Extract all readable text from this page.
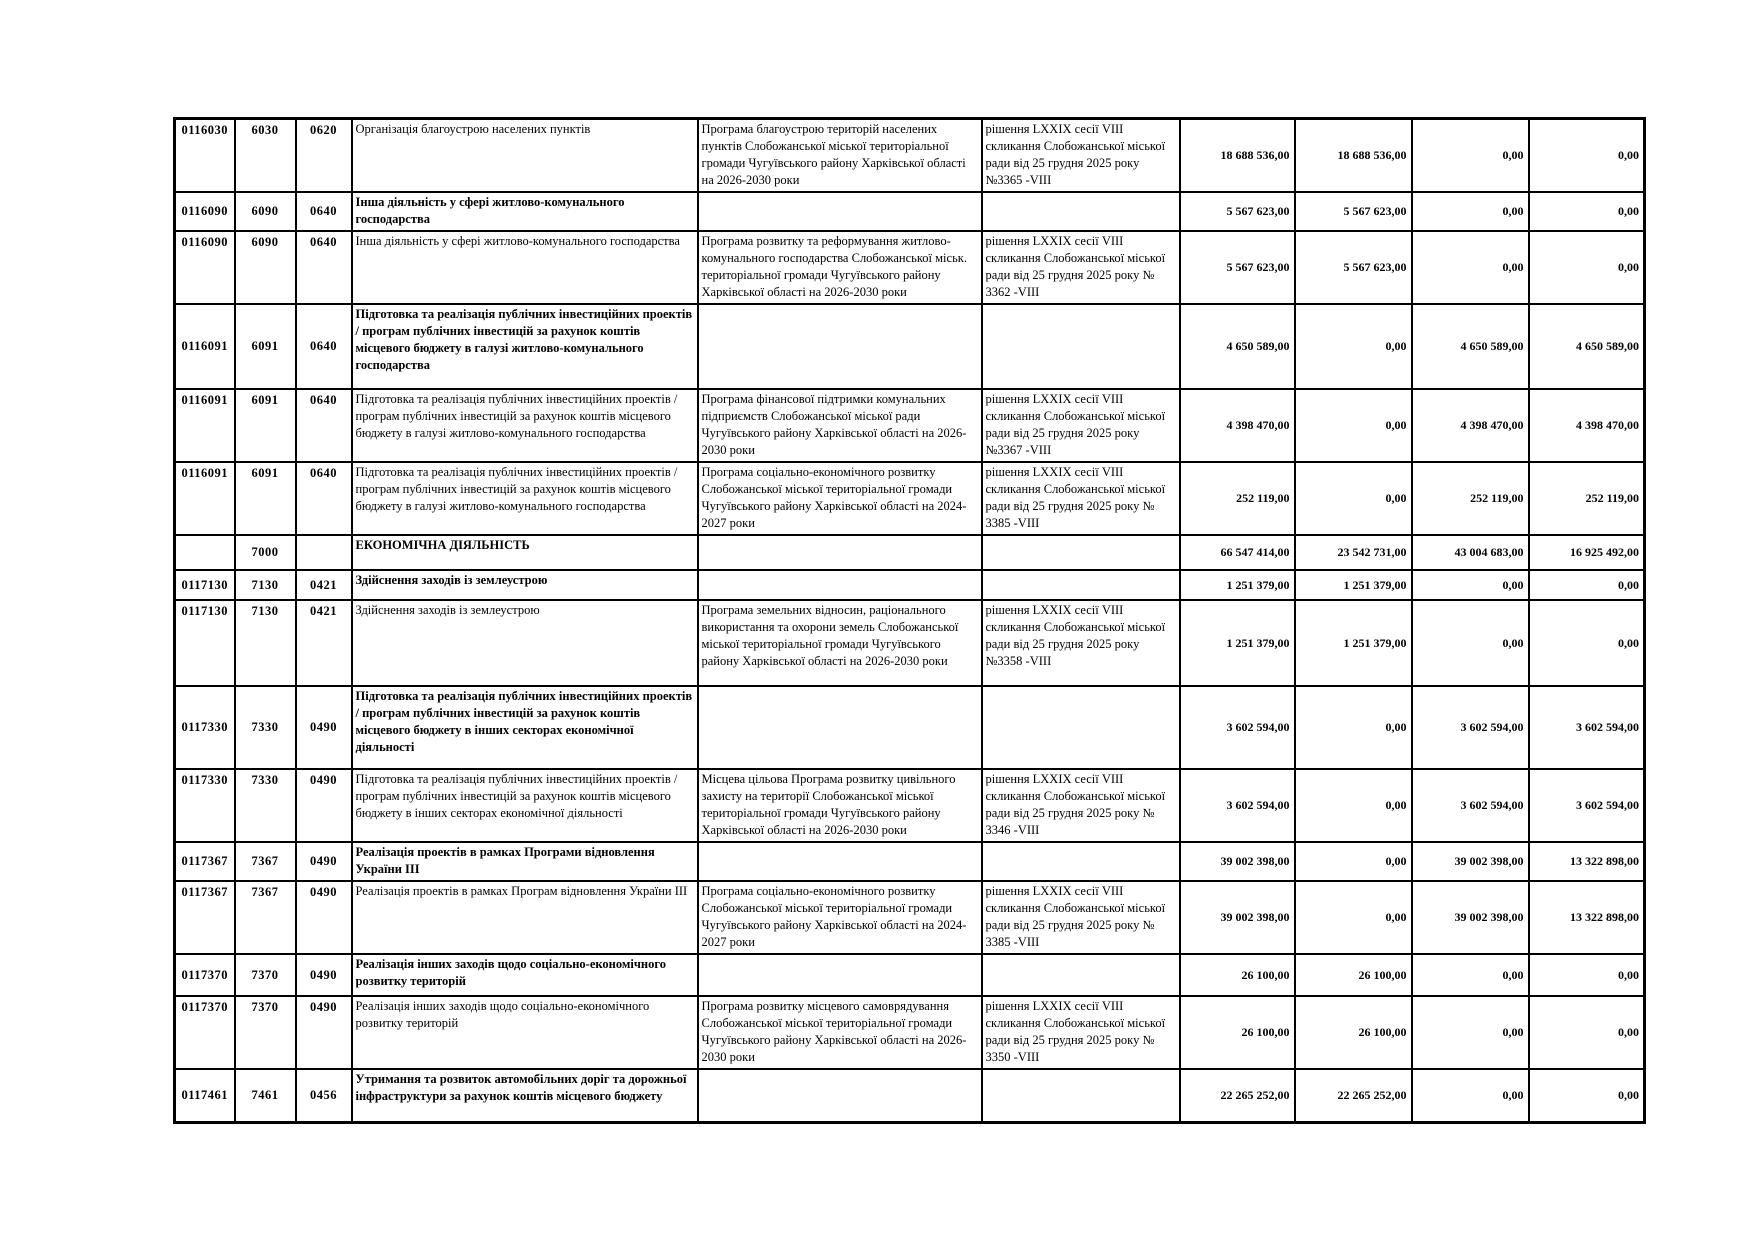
0116030	6030	0620	Організація благоустрою населених пунктів	Програма благоустрою територій населених пунктів Слобожанської міської територіальної громади Чугуївського району Харківської області на 2026-2030 роки	рішення LXXIX сесії VIII скликання Слобожанської міської ради від 25 грудня 2025 року №3365 -VIII	18 688 536,00	18 688 536,00	0,00	0,00
0116090	6090	0640	Інша діяльність у сфері житлово-комунального господарства			5 567 623,00	5 567 623,00	0,00	0,00
0116090	6090	0640	Інша діяльність у сфері житлово-комунального господарства	Програма розвитку та реформування житлово-комунального господарства Слобожанської міськ. територіальної громади Чугуївського району Харківської області на 2026-2030 роки	рішення LXXIX сесії VIII скликання Слобожанської міської ради від 25 грудня 2025 року № 3362 -VIII	5 567 623,00	5 567 623,00	0,00	0,00
0116091	6091	0640	Підготовка та реалізація публічних інвестиційних проектів / програм публічних інвестицій за рахунок коштів місцевого бюджету в галузі житлово-комунального господарства			4 650 589,00	0,00	4 650 589,00	4 650 589,00
0116091	6091	0640	Підготовка та реалізація публічних інвестиційних проектів / програм публічних інвестицій за рахунок коштів місцевого бюджету в галузі житлово-комунального господарства	Програма фінансової підтримки комунальних підприємств Слобожанської міської ради Чугуївського району Харківської області на 2026-2030 роки	рішення LXXIX сесії VIII скликання Слобожанської міської ради від 25 грудня 2025 року №3367 -VIII	4 398 470,00	0,00	4 398 470,00	4 398 470,00
0116091	6091	0640	Підготовка та реалізація публічних інвестиційних проектів / програм публічних інвестицій за рахунок коштів місцевого бюджету в галузі житлово-комунального господарства	Програма соціально-економічного розвитку Слобожанської міської територіальної громади Чугуївського району Харківської області на 2024-2027 роки	рішення LXXIX сесії VIII скликання Слобожанської міської ради від 25 грудня 2025 року № 3385 -VIII	252 119,00	0,00	252 119,00	252 119,00
	7000		ЕКОНОМІЧНА ДІЯЛЬНІСТЬ			66 547 414,00	23 542 731,00	43 004 683,00	16 925 492,00
0117130	7130	0421	Здійснення заходів із землеустрою			1 251 379,00	1 251 379,00	0,00	0,00
0117130	7130	0421	Здійснення заходів із землеустрою	Програма земельних відносин, раціонального використання та охорони земель Слобожанської міської територіальної громади Чугуївського району Харківської області на 2026-2030 роки	рішення LXXIX сесії VIII скликання Слобожанської міської ради від 25 грудня 2025 року №3358 -VIII	1 251 379,00	1 251 379,00	0,00	0,00
0117330	7330	0490	Підготовка та реалізація публічних інвестиційних проектів / програм публічних інвестицій за рахунок коштів місцевого бюджету в інших секторах економічної діяльності			3 602 594,00	0,00	3 602 594,00	3 602 594,00
0117330	7330	0490	Підготовка та реалізація публічних інвестиційних проектів / програм публічних інвестицій за рахунок коштів місцевого бюджету в інших секторах економічної діяльності	Місцева цільова Програма розвитку цивільного захисту на території Слобожанської міської територіальної громади Чугуївського району Харківської області на 2026-2030 роки	рішення LXXIX сесії VIII скликання Слобожанської міської ради від 25 грудня 2025 року № 3346 -VIII	3 602 594,00	0,00	3 602 594,00	3 602 594,00
0117367	7367	0490	Реалізація проектів в рамках Програми відновлення України ІІІ			39 002 398,00	0,00	39 002 398,00	13 322 898,00
0117367	7367	0490	Реалізація проектів в рамках Програм відновлення України ІІІ	Програма соціально-економічного розвитку Слобожанської міської територіальної громади Чугуївського району Харківської області на 2024-2027 роки	рішення LXXIX сесії VIII скликання Слобожанської міської ради від 25 грудня 2025 року № 3385 -VIII	39 002 398,00	0,00	39 002 398,00	13 322 898,00
0117370	7370	0490	Реалізація інших заходів щодо соціально-економічного розвитку територій			26 100,00	26 100,00	0,00	0,00
0117370	7370	0490	Реалізація інших заходів щодо соціально-економічного розвитку територій	Програма розвитку місцевого самоврядування Слобожанської міської територіальної громади Чугуївського району Харківської області на 2026-2030 роки	рішення LXXIX сесії VIII скликання Слобожанської міської ради від 25 грудня 2025 року № 3350 -VIII	26 100,00	26 100,00	0,00	0,00
0117461	7461	0456	Утримання та розвиток автомобільних доріг та дорожньої інфраструктури за рахунок коштів місцевого бюджету			22 265 252,00	22 265 252,00	0,00	0,00
